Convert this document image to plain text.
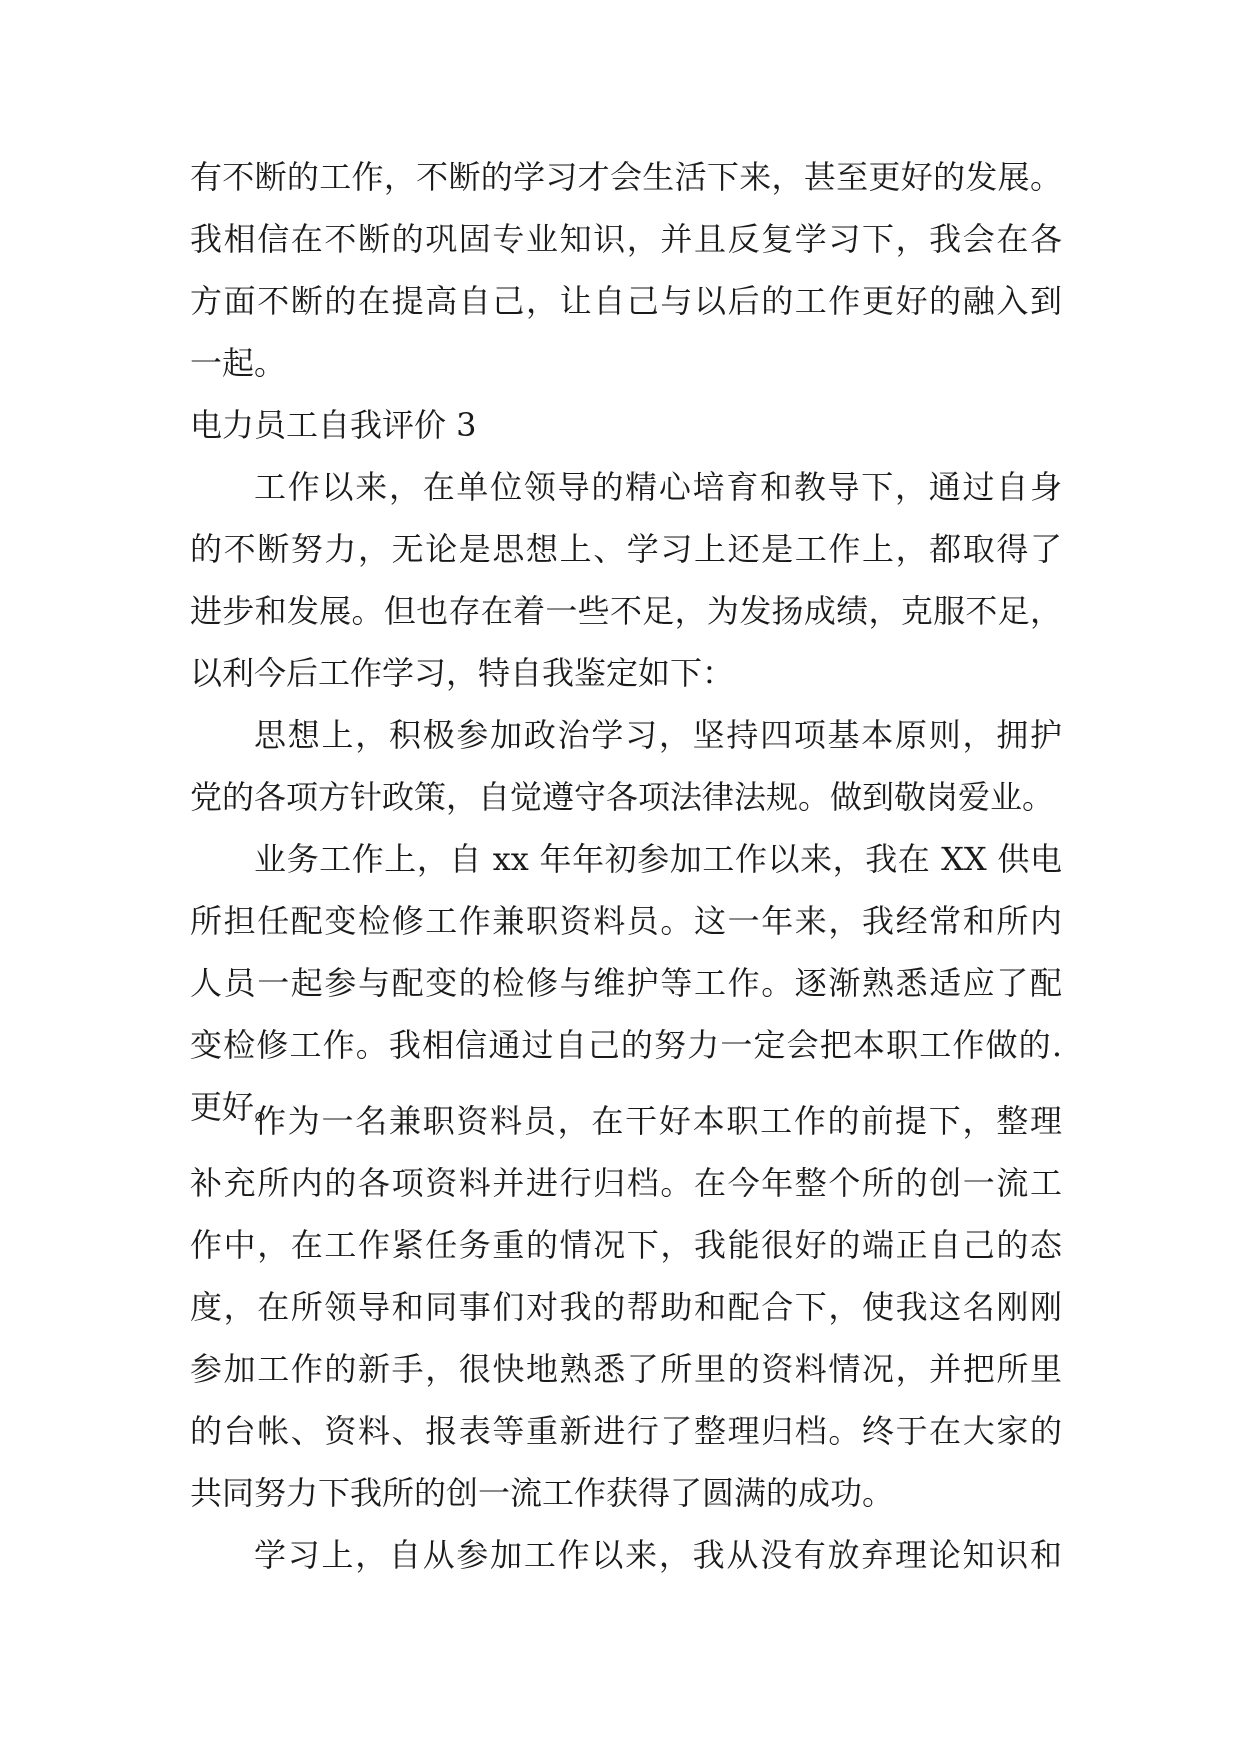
有不断的工作，不断的学习才会生活下来，甚至更好的发展。
我相信在不断的巩固专业知识，并且反复学习下，我会在各
方面不断的在提高自己，让自己与以后的工作更好的融入到
一起。
电力员工自我评价 3
工作以来，在单位领导的精心培育和教导下，通过自身
的不断努力，无论是思想上、学习上还是工作上，都取得了
进步和发展。但也存在着一些不足，为发扬成绩，克服不足，
以利今后工作学习，特自我鉴定如下：
思想上，积极参加政治学习，坚持四项基本原则，拥护
党的各项方针政策，自觉遵守各项法律法规。做到敬岗爱业。
业务工作上，自 xx 年年初参加工作以来，我在 XX 供电
所担任配变检修工作兼职资料员。这一年来，我经常和所内
人员一起参与配变的检修与维护等工作。逐渐熟悉适应了配
变检修工作。我相信通过自己的努力一定会把本职工作做的.
更好。
作为一名兼职资料员，在干好本职工作的前提下，整理
补充所内的各项资料并进行归档。在今年整个所的创一流工
作中，在工作紧任务重的情况下，我能很好的端正自己的态
度，在所领导和同事们对我的帮助和配合下，使我这名刚刚
参加工作的新手，很快地熟悉了所里的资料情况，并把所里
的台帐、资料、报表等重新进行了整理归档。终于在大家的
共同努力下我所的创一流工作获得了圆满的成功。
学习上，自从参加工作以来，我从没有放弃理论知识和
